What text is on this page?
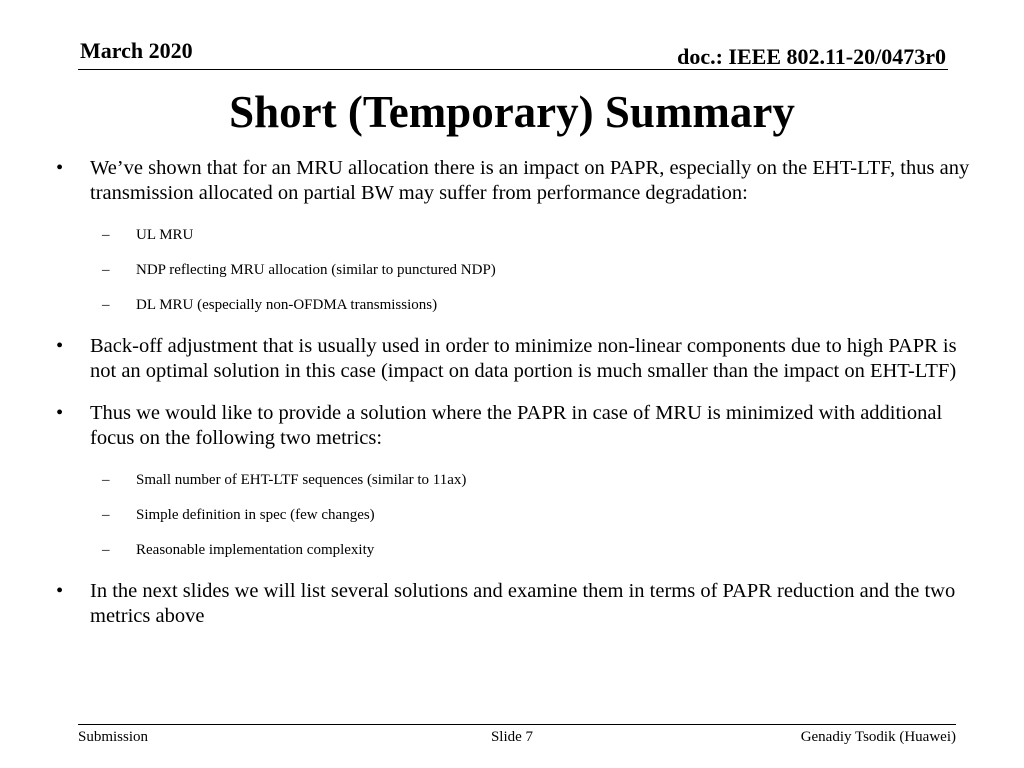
March 2020	doc.: IEEE 802.11-20/0473r0
Short (Temporary) Summary
•	We’ve shown that for an MRU allocation there is an impact on PAPR, especially on the EHT-LTF, thus any transmission allocated on partial BW may suffer from performance degradation:
–	UL MRU
–	NDP reflecting MRU allocation (similar to punctured NDP)
–	DL MRU (especially non-OFDMA transmissions)
•	Back-off adjustment that is usually used in order to minimize non-linear components due to high PAPR is not an optimal solution in this case (impact on data portion is much smaller than the impact on EHT-LTF)
•	Thus we would like to provide a solution where the PAPR in case of MRU is minimized with additional focus on the following two metrics:
–	Small number of EHT-LTF sequences (similar to 11ax)
–	Simple definition in spec (few changes)
–	Reasonable implementation complexity
•	In the next slides we will list several solutions and examine them in terms of PAPR reduction and the two metrics above
Submission	Slide 7	Genadiy Tsodik (Huawei)
